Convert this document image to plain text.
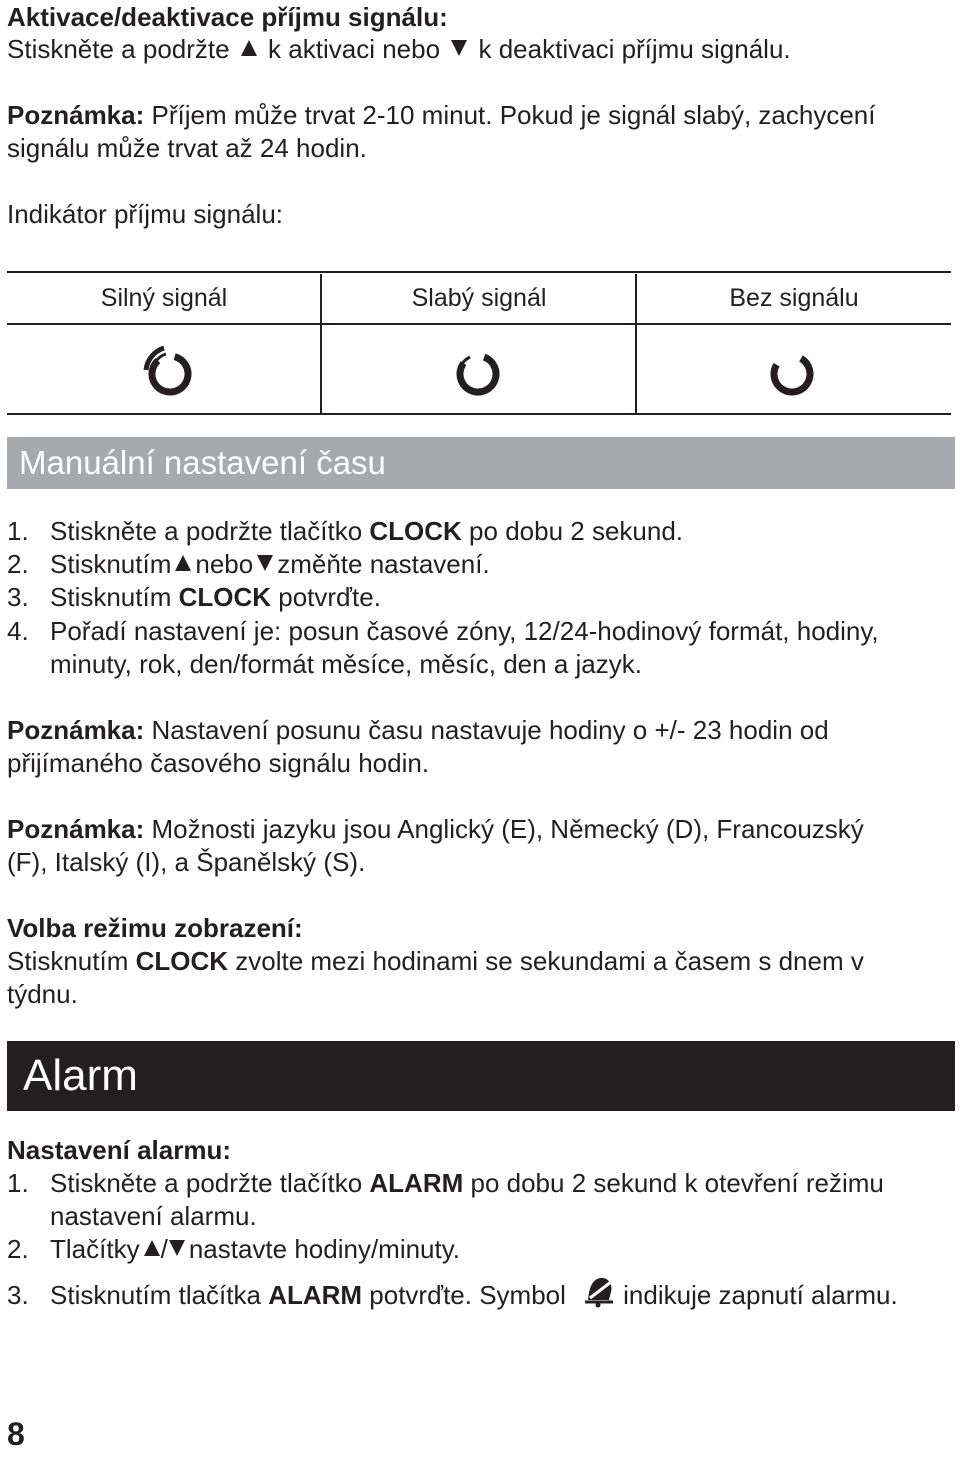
Aktivace/deaktivace příjmu signálu:
Stiskněte a podržte k aktivaci nebo k deaktivaci příjmu signálu.
Poznámka: Příjem může trvat 2-10 minut. Pokud je signál slabý, zachycení
signálu může trvat až 24 hodin.
Indikátor příjmu signálu:
Silný signál	Slabý signál	Bez signálu
Manuální nastavení času
1. Stiskněte a podržte tlačítko CLOCK po dobu 2 sekund.
2. Stisknutím nebo změňte nastavení.
3. Stisknutím CLOCK potvrďte.
4. Pořadí nastavení je: posun časové zóny, 12/24-hodinový formát, hodiny,
minuty, rok, den/formát měsíce, měsíc, den a jazyk.
Poznámka: Nastavení posunu času nastavuje hodiny o +/- 23 hodin od
přijímaného časového signálu hodin.
Poznámka: Možnosti jazyku jsou Anglický (E), Německý (D), Francouzský
(F), Italský (I), a Španělský (S).
Volba režimu zobrazení:
Stisknutím CLOCK zvolte mezi hodinami se sekundami a časem s dnem v
týdnu.
Alarm
Nastavení alarmu:
1. Stiskněte a podržte tlačítko ALARM po dobu 2 sekund k otevření režimu
nastavení alarmu.
2. Tlačítky / nastavte hodiny/minuty.
3. Stisknutím tlačítka ALARM potvrďte. Symbol indikuje zapnutí alarmu.
8
